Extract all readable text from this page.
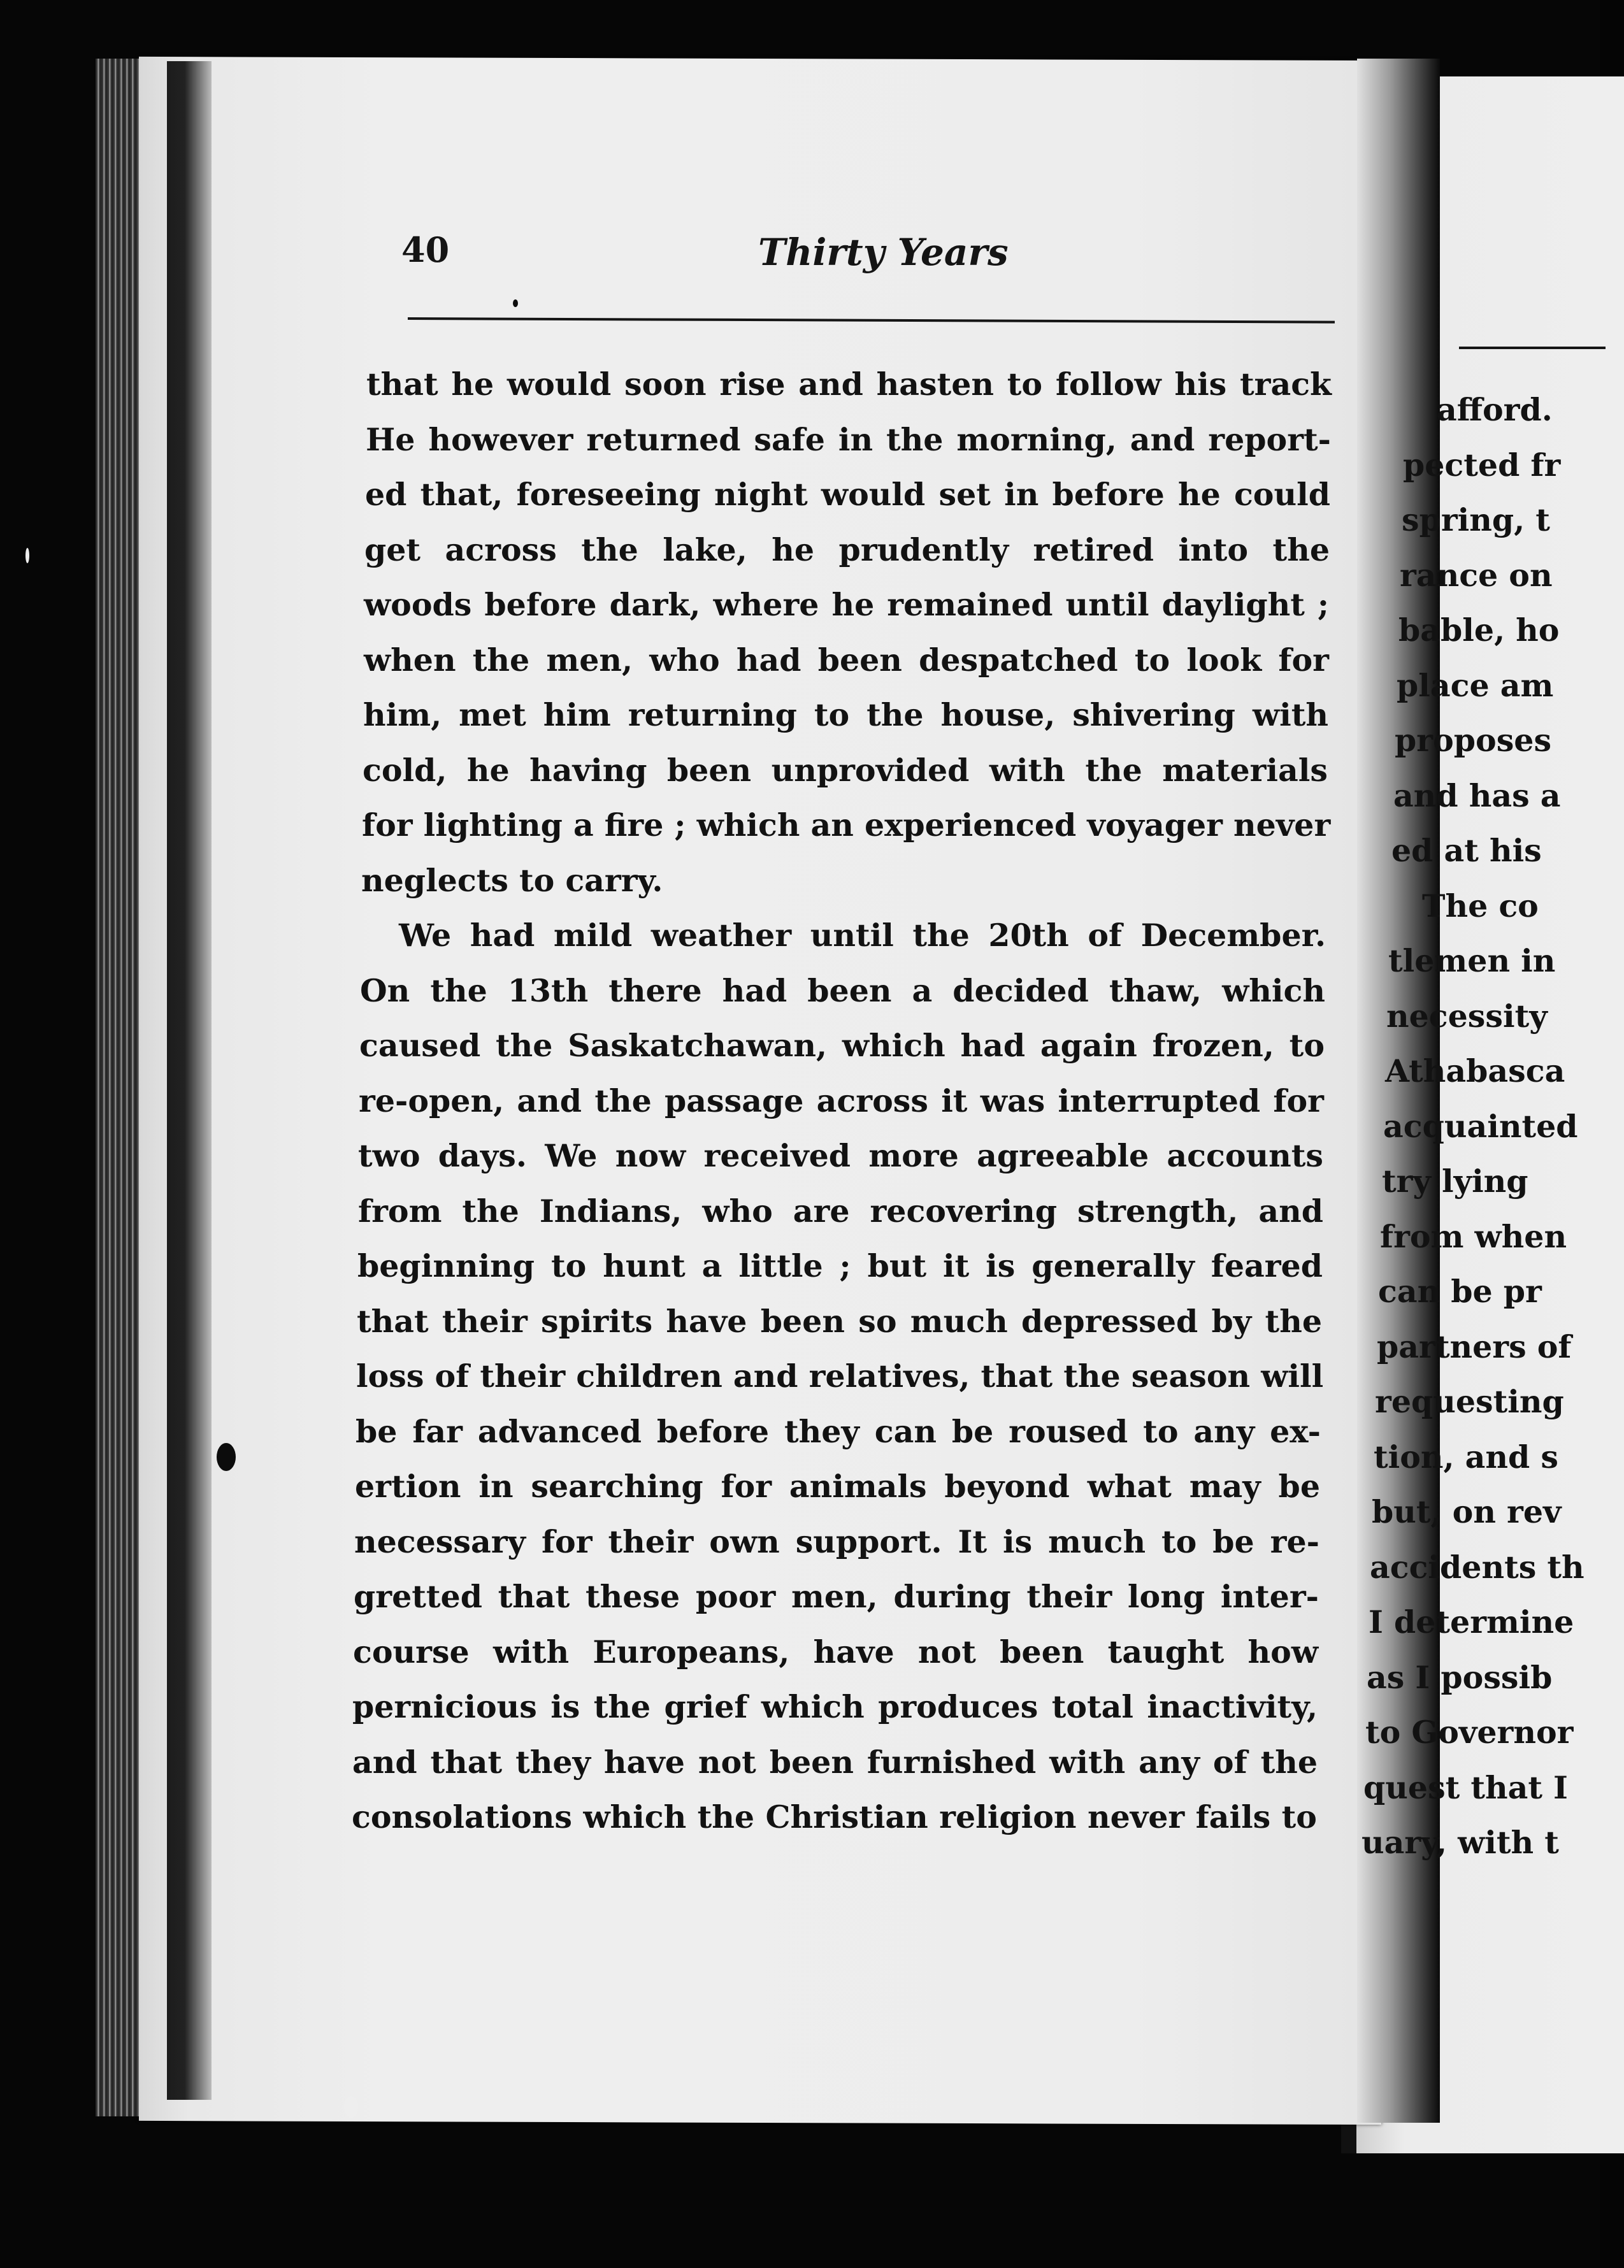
40	Thirty Years
that he would soon rise and hasten to follow his track
He however returned safe in the morning, and report-
ed that, foreseeing night would set in before he could
get across the lake, he prudently retired into the
woods before dark, where he remained until daylight ;
when the men, who had been despatched to look for
him, met him returning to the house, shivering with
cold, he having been unprovided with the materials
for lighting a fire ; which an experienced voyager never
neglects to carry.
We had mild weather until the 20th of December.
On the 13th there had been a decided thaw, which
caused the Saskatchawan, which had again frozen, to
re-open, and the passage across it was interrupted for
two days. We now received more agreeable accounts
from the Indians, who are recovering strength, and
beginning to hunt a little ; but it is generally feared
that their spirits have been so much depressed by the
loss of their children and relatives, that the season will
be far advanced before they can be roused to any ex-
ertion in searching for animals beyond what may be
necessary for their own support. It is much to be re-
gretted that these poor men, during their long inter-
course with Europeans, have not been taught how
pernicious is the grief which produces total inactivity,
and that they have not been furnished with any of the
consolations which the Christian religion never fails to
afford.
pected fr
spring, t
rance on
bable, ho
place am
proposes
and has a
ed at his
The co
tlemen in
necessity
Athabasca
acquainted
try lying
from when
can be pr
partners of
requesting
tion, and s
but, on rev
accidents th
I determine
as I possib
to Governor
quest that I
uary, with t
